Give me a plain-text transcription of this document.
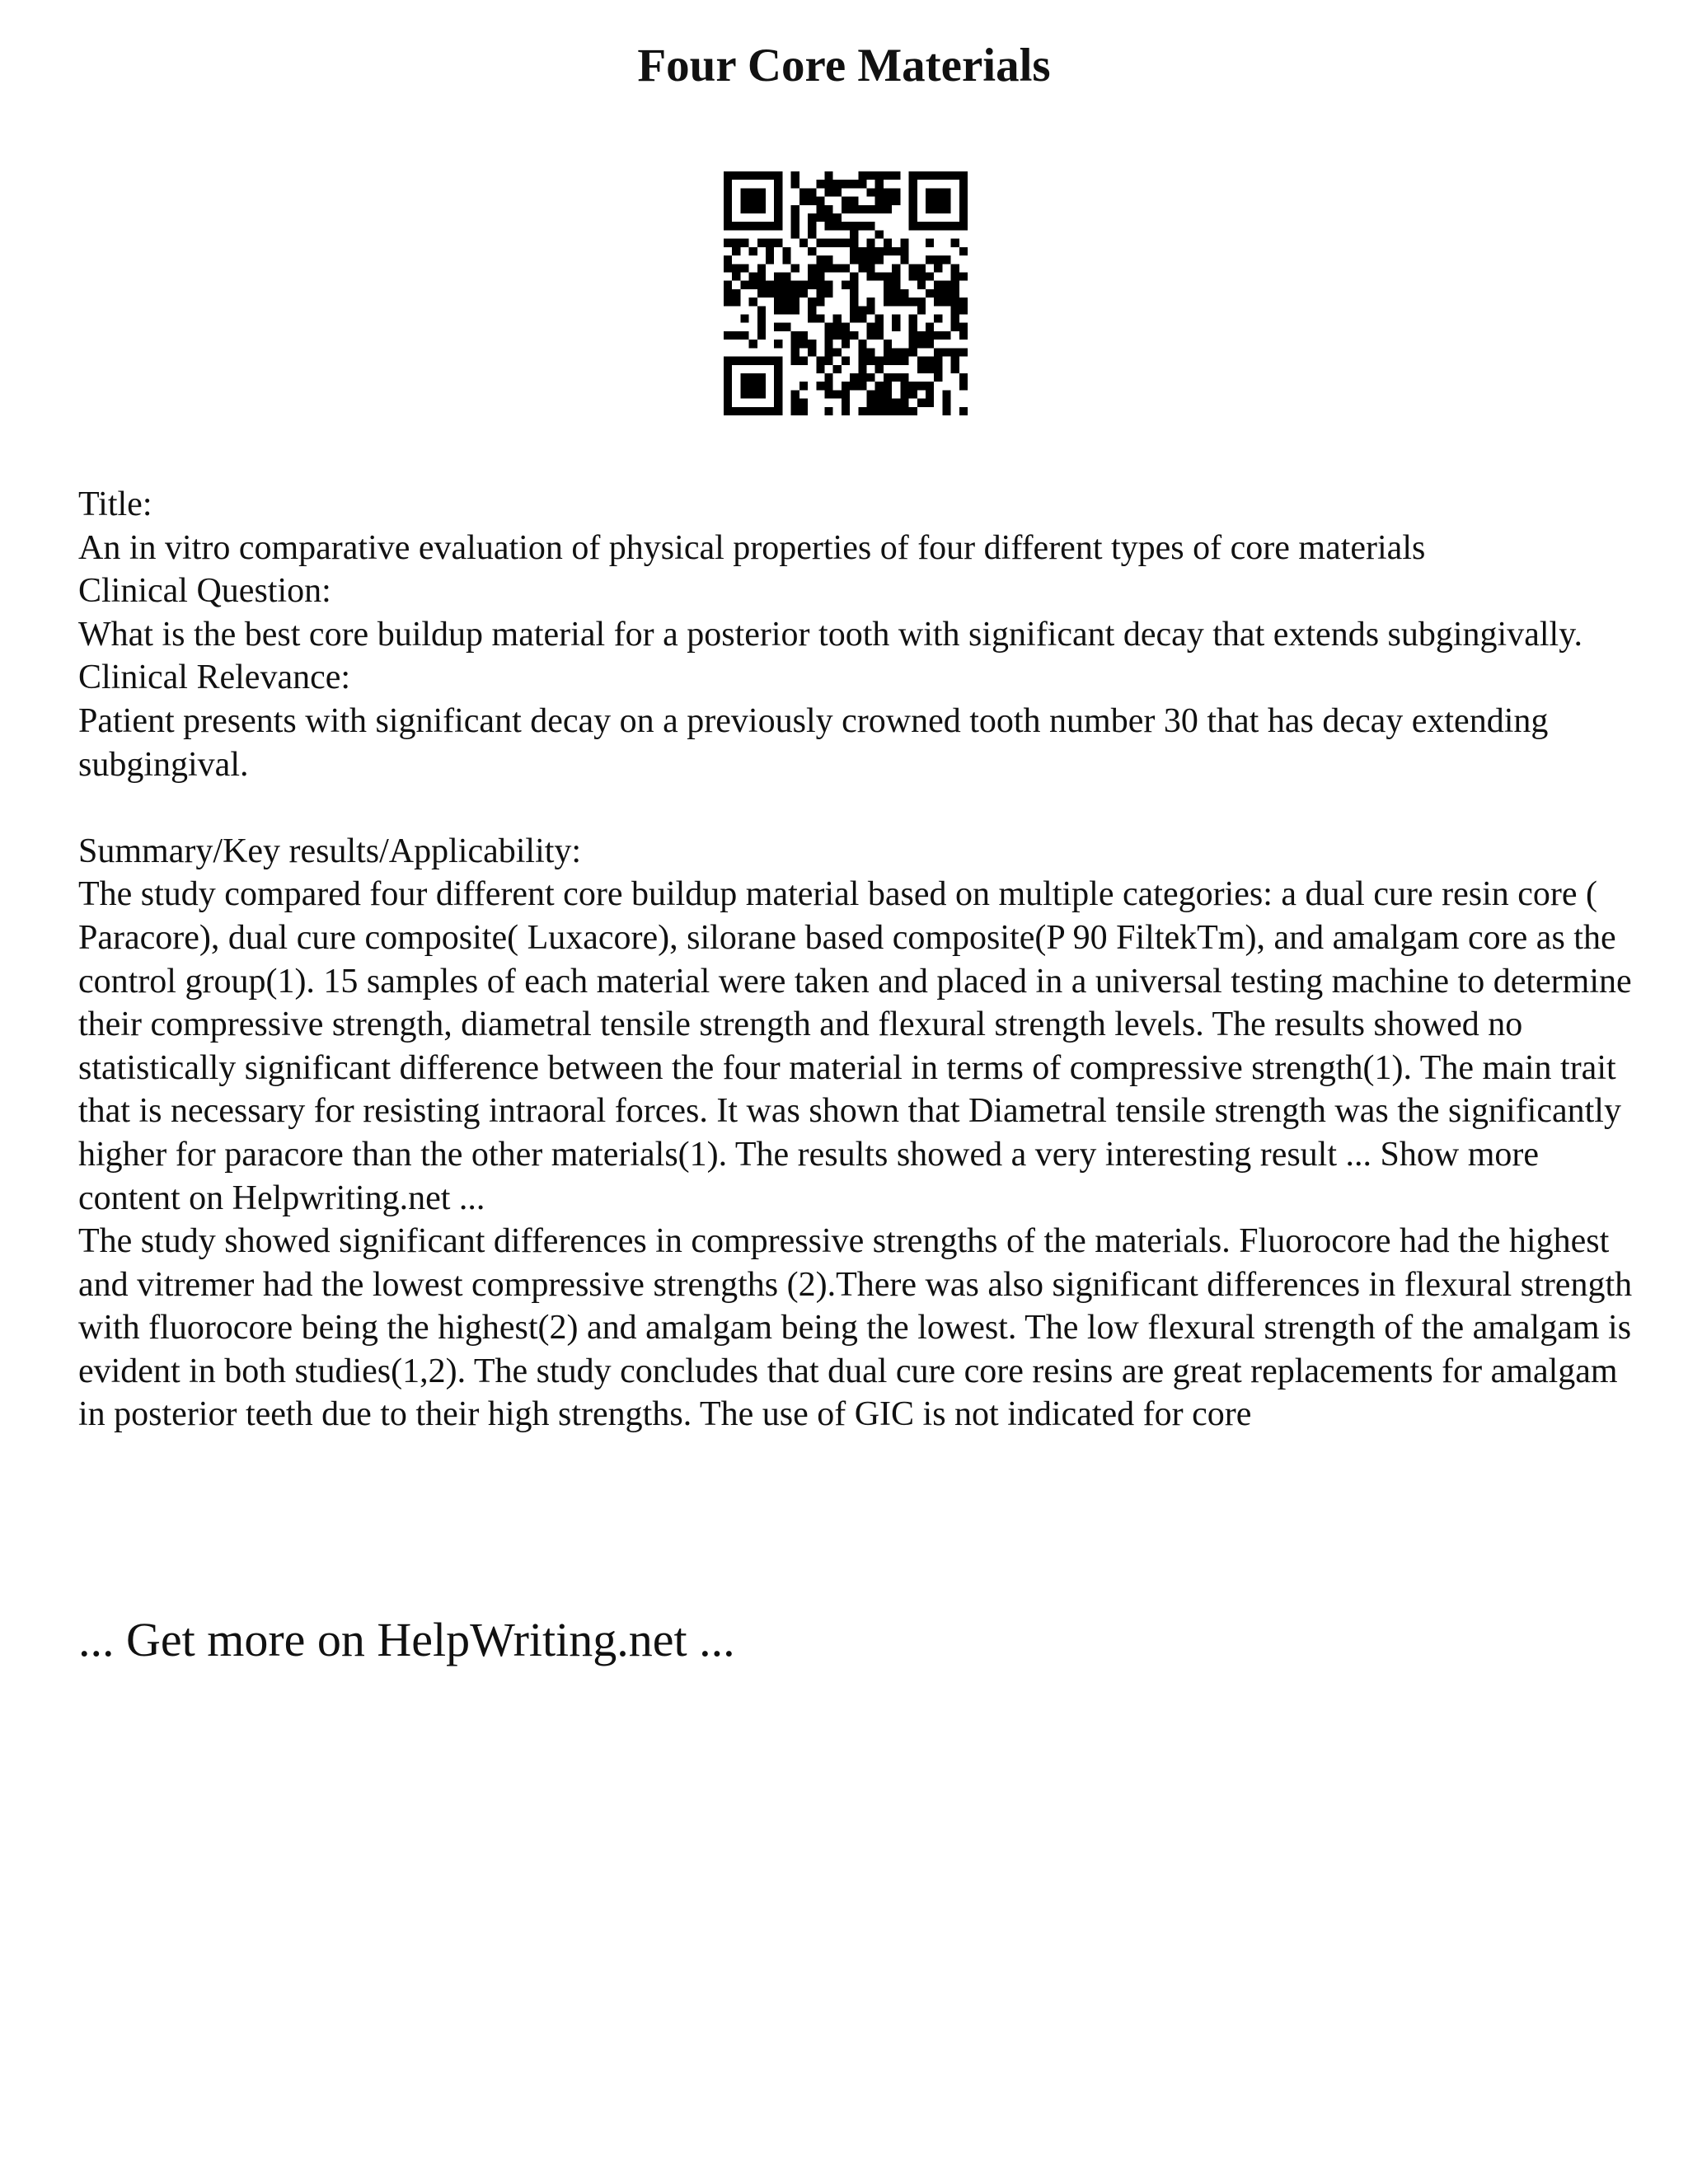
Four Core Materials

Title:

An in vitro comparative evaluation of physical properties of four different types of core materials

Clinical Question:

What is the best core buildup material for a posterior tooth with significant decay that extends subgingivally.

Clinical Relevance:

Patient presents with significant decay on a previously crowned tooth number 30 that has decay extending subgingival.

Summary/Key results/Applicability:

The study compared four different core buildup material based on multiple categories: a dual cure resin core ( Paracore), dual cure composite( Luxacore), silorane based composite(P 90 FiltekTm), and amalgam core as the control group(1). 15 samples of each material were taken and placed in a universal testing machine to determine their compressive strength, diametral tensile strength and flexural strength levels. The results showed no statistically significant difference between the four material in terms of compressive strength(1). The main trait that is necessary for resisting intraoral forces. It was shown that Diametral tensile strength was the significantly higher for paracore than the other materials(1). The results showed a very interesting result ... Show more content on Helpwriting.net ...

The study showed significant differences in compressive strengths of the materials. Fluorocore had the highest and vitremer had the lowest compressive strengths (2).There was also significant differences in flexural strength with fluorocore being the highest(2) and amalgam being the lowest. The low flexural strength of the amalgam is evident in both studies(1,2). The study concludes that dual cure core resins are great replacements for amalgam in posterior teeth due to their high strengths. The use of GIC is not indicated for core

... Get more on HelpWriting.net ...
